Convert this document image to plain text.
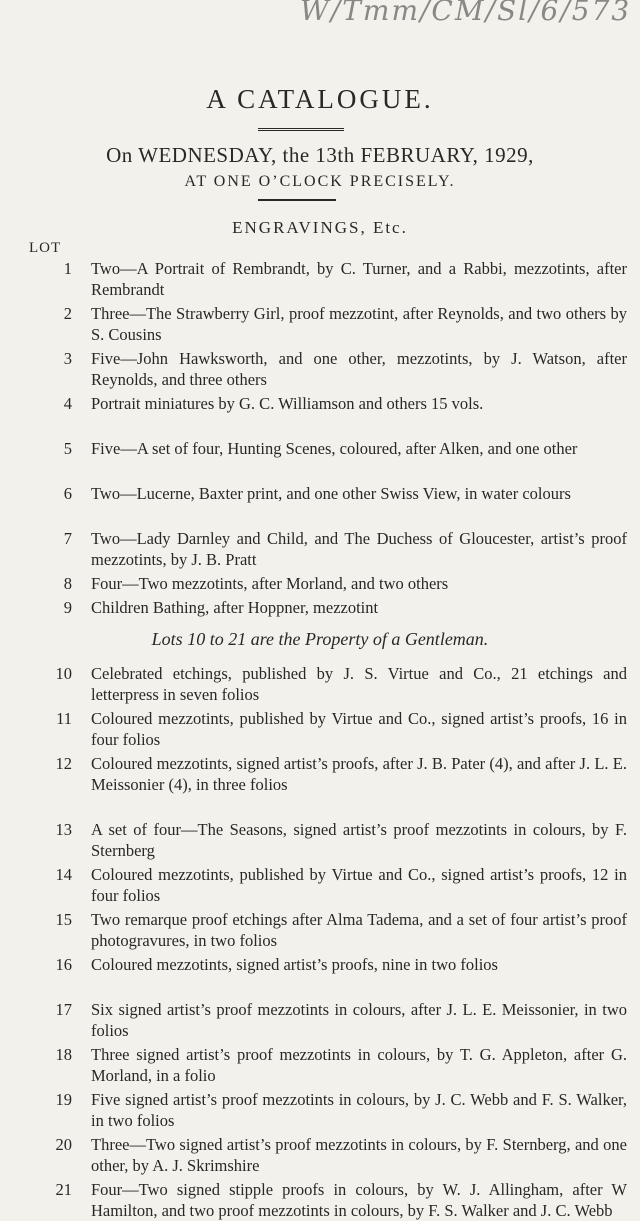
W/Tmm/CM/Sl/6/573
A CATALOGUE.
On WEDNESDAY, the 13th FEBRUARY, 1929,
AT ONE O’CLOCK PRECISELY.
ENGRAVINGS, Etc.
LOT
1 Two—A Portrait of Rembrandt, by C. Turner, and a Rabbi, mezzotints, after Rembrandt
2 Three—The Strawberry Girl, proof mezzotint, after Reynolds, and two others by S. Cousins
3 Five—John Hawksworth, and one other, mezzotints, by J. Watson, after Reynolds, and three others
4 Portrait miniatures by G. C. Williamson and others 15 vols.
5 Five—A set of four, Hunting Scenes, coloured, after Alken, and one other
6 Two—Lucerne, Baxter print, and one other Swiss View, in water colours
7 Two—Lady Darnley and Child, and The Duchess of Gloucester, artist’s proof mezzotints, by J. B. Pratt
8 Four—Two mezzotints, after Morland, and two others
9 Children Bathing, after Hoppner, mezzotint
Lots 10 to 21 are the Property of a Gentleman.
10 Celebrated etchings, published by J. S. Virtue and Co., 21 etchings and letterpress in seven folios
11 Coloured mezzotints, published by Virtue and Co., signed artist’s proofs, 16 in four folios
12 Coloured mezzotints, signed artist’s proofs, after J. B. Pater (4), and after J. L. E. Meissonier (4), in three folios
13 A set of four—The Seasons, signed artist’s proof mezzotints in colours, by F. Sternberg
14 Coloured mezzotints, published by Virtue and Co., signed artist’s proofs, 12 in four folios
15 Two remarque proof etchings after Alma Tadema, and a set of four artist’s proof photogravures, in two folios
16 Coloured mezzotints, signed artist’s proofs, nine in two folios
17 Six signed artist’s proof mezzotints in colours, after J. L. E. Meissonier, in two folios
18 Three signed artist’s proof mezzotints in colours, by T. G. Appleton, after G. Morland, in a folio
19 Five signed artist’s proof mezzotints in colours, by J. C. Webb and F. S. Walker, in two folios
20 Three—Two signed artist’s proof mezzotints in colours, by F. Sternberg, and one other, by A. J. Skrimshire
21 Four—Two signed stipple proofs in colours, by W. J. Allingham, after W Hamilton, and two proof mezzotints in colours, by F. S. Walker and J. C. Webb
